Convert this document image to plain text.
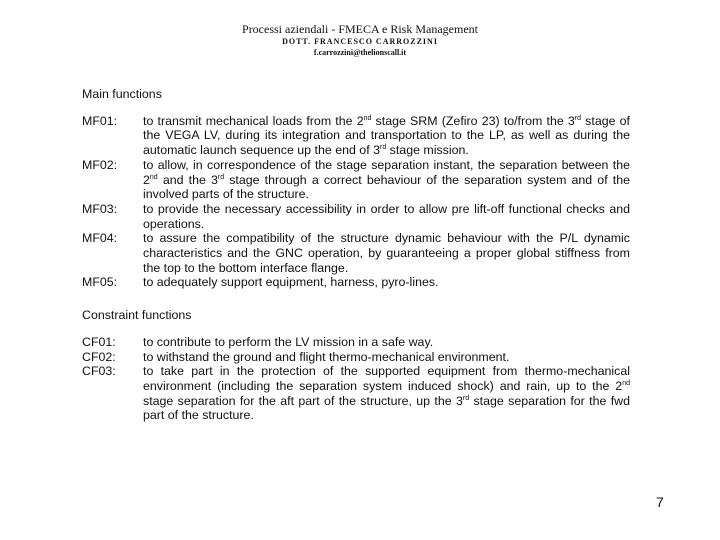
Processi aziendali - FMECA e Risk Management
DOTT. FRANCESCO CARROZZINI
f.carrozzini@thelionscall.it
Main functions
MF01:	to transmit mechanical loads from the 2nd stage SRM (Zefiro 23) to/from the 3rd stage of the VEGA LV, during its integration and transportation to the LP, as well as during the automatic launch sequence up the end of 3rd stage mission.
MF02:	to allow, in correspondence of the stage separation instant, the separation between the 2nd and the 3rd stage through a correct behaviour of the separation system and of the involved parts of the structure.
MF03:	to provide the necessary accessibility in order to allow pre lift-off functional checks and operations.
MF04:	to assure the compatibility of the structure dynamic behaviour with the P/L dynamic characteristics and the GNC operation, by guaranteeing a proper global stiffness from the top to the bottom interface flange.
MF05:	to adequately support equipment, harness, pyro-lines.
Constraint functions
CF01:	to contribute to perform the LV mission in a safe way.
CF02:	to withstand the ground and flight thermo-mechanical environment.
CF03:	to take part in the protection of the supported equipment from thermo-mechanical environment (including the separation system induced shock) and rain, up to the 2nd stage separation for the aft part of the structure, up the 3rd stage separation for the fwd part of the structure.
7
